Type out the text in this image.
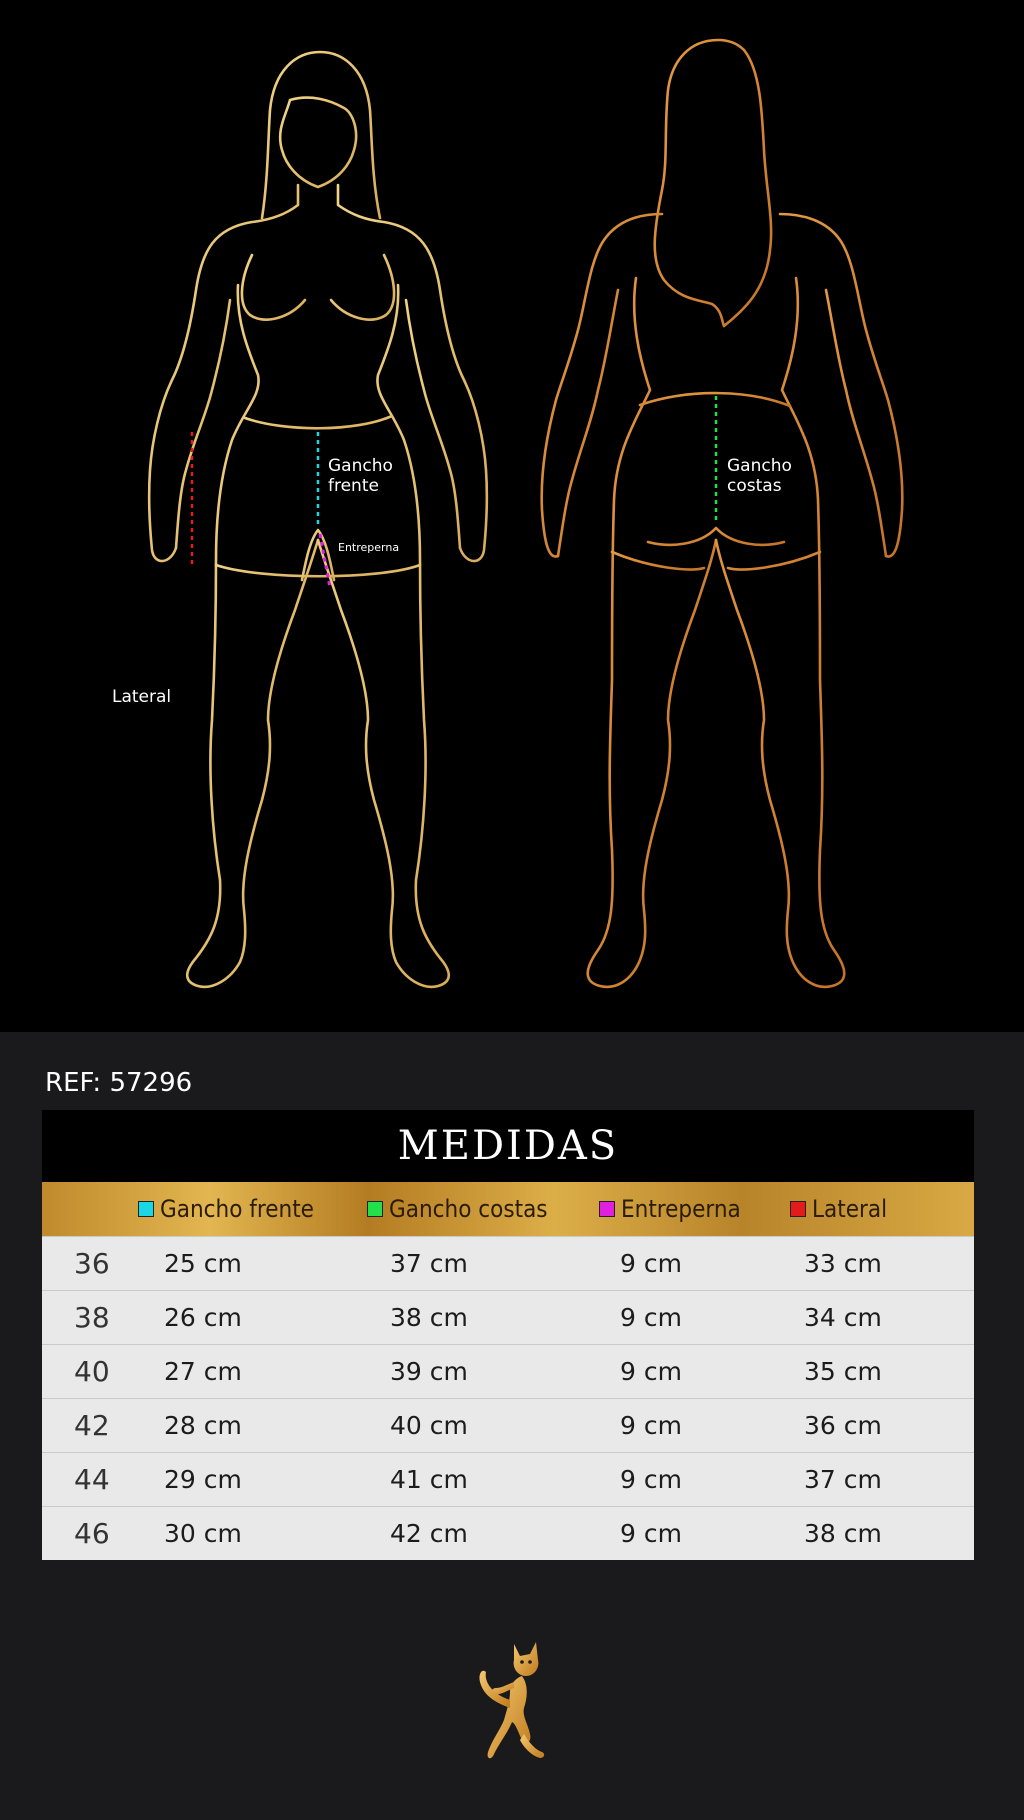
Gancho
frente
Entreperna
Lateral
Gancho
costas
REF: 57296
MEDIDAS
Gancho frente	Gancho costas	Entreperna	Lateral
36 25 cm	37 cm	9 cm	33 cm
38 26 cm	38 cm	9 cm	34 cm
40 27 cm	39 cm	9 cm	35 cm
42 28 cm	40 cm	9 cm	36 cm
44 29 cm	41 cm	9 cm	37 cm
46 30 cm	42 cm	9 cm	38 cm
